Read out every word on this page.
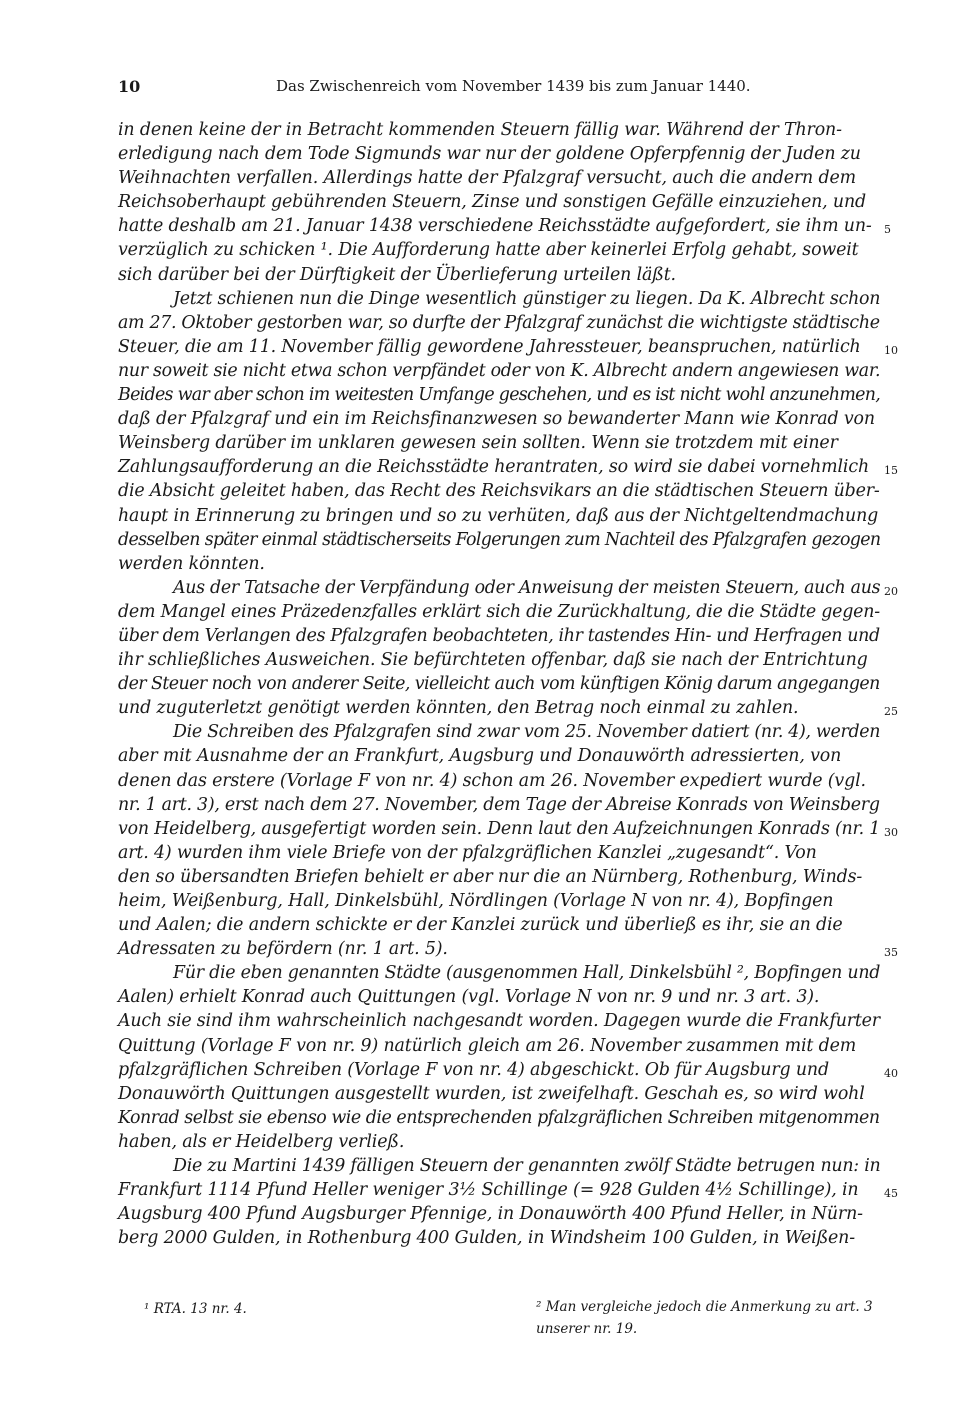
10	Das Zwischenreich vom November 1439 bis zum Januar 1440.
in denen keine der in Betracht kommenden Steuern fällig war. Während der Thron-
erledigung nach dem Tode Sigmunds war nur der goldene Opferpfennig der Juden zu
Weihnachten verfallen. Allerdings hatte der Pfalzgraf versucht, auch die andern dem
Reichsoberhaupt gebührenden Steuern, Zinse und sonstigen Gefälle einzuziehen, und
hatte deshalb am 21. Januar 1438 verschiedene Reichsstädte aufgefordert, sie ihm un-
verzüglich zu schicken ¹. Die Aufforderung hatte aber keinerlei Erfolg gehabt, soweit
sich darüber bei der Dürftigkeit der Überlieferung urteilen läßt.
Jetzt schienen nun die Dinge wesentlich günstiger zu liegen. Da K. Albrecht schon
am 27. Oktober gestorben war, so durfte der Pfalzgraf zunächst die wichtigste städtische
Steuer, die am 11. November fällig gewordene Jahressteuer, beanspruchen, natürlich
nur soweit sie nicht etwa schon verpfändet oder von K. Albrecht andern angewiesen war.
Beides war aber schon im weitesten Umfange geschehen, und es ist nicht wohl anzunehmen,
daß der Pfalzgraf und ein im Reichsfinanzwesen so bewanderter Mann wie Konrad von
Weinsberg darüber im unklaren gewesen sein sollten. Wenn sie trotzdem mit einer
Zahlungsaufforderung an die Reichsstädte herantraten, so wird sie dabei vornehmlich
die Absicht geleitet haben, das Recht des Reichsvikars an die städtischen Steuern über-
haupt in Erinnerung zu bringen und so zu verhüten, daß aus der Nichtgeltendmachung
desselben später einmal städtischerseits Folgerungen zum Nachteil des Pfalzgrafen gezogen
werden könnten.
Aus der Tatsache der Verpfändung oder Anweisung der meisten Steuern, auch aus
dem Mangel eines Präzedenzfalles erklärt sich die Zurückhaltung, die die Städte gegen-
über dem Verlangen des Pfalzgrafen beobachteten, ihr tastendes Hin- und Herfragen und
ihr schließliches Ausweichen. Sie befürchteten offenbar, daß sie nach der Entrichtung
der Steuer noch von anderer Seite, vielleicht auch vom künftigen König darum angegangen
und zuguterletzt genötigt werden könnten, den Betrag noch einmal zu zahlen.
Die Schreiben des Pfalzgrafen sind zwar vom 25. November datiert (nr. 4), werden
aber mit Ausnahme der an Frankfurt, Augsburg und Donauwörth adressierten, von
denen das erstere (Vorlage F von nr. 4) schon am 26. November expediert wurde (vgl.
nr. 1 art. 3), erst nach dem 27. November, dem Tage der Abreise Konrads von Weinsberg
von Heidelberg, ausgefertigt worden sein. Denn laut den Aufzeichnungen Konrads (nr. 1
art. 4) wurden ihm viele Briefe von der pfalzgräflichen Kanzlei „zugesandt“. Von
den so übersandten Briefen behielt er aber nur die an Nürnberg, Rothenburg, Winds-
heim, Weißenburg, Hall, Dinkelsbühl, Nördlingen (Vorlage N von nr. 4), Bopfingen
und Aalen; die andern schickte er der Kanzlei zurück und überließ es ihr, sie an die
Adressaten zu befördern (nr. 1 art. 5).
Für die eben genannten Städte (ausgenommen Hall, Dinkelsbühl ², Bopfingen und
Aalen) erhielt Konrad auch Quittungen (vgl. Vorlage N von nr. 9 und nr. 3 art. 3).
Auch sie sind ihm wahrscheinlich nachgesandt worden. Dagegen wurde die Frankfurter
Quittung (Vorlage F von nr. 9) natürlich gleich am 26. November zusammen mit dem
pfalzgräflichen Schreiben (Vorlage F von nr. 4) abgeschickt. Ob für Augsburg und
Donauwörth Quittungen ausgestellt wurden, ist zweifelhaft. Geschah es, so wird wohl
Konrad selbst sie ebenso wie die entsprechenden pfalzgräflichen Schreiben mitgenommen
haben, als er Heidelberg verließ.
Die zu Martini 1439 fälligen Steuern der genannten zwölf Städte betrugen nun: in
Frankfurt 1114 Pfund Heller weniger 3½ Schillinge (= 928 Gulden 4½ Schillinge), in
Augsburg 400 Pfund Augsburger Pfennige, in Donauwörth 400 Pfund Heller, in Nürn-
berg 2000 Gulden, in Rothenburg 400 Gulden, in Windsheim 100 Gulden, in Weißen-
5
10
15
20
25
30
35
40
45
¹ RTA. 13 nr. 4.	² Man vergleiche jedoch die Anmerkung zu art. 3
unserer nr. 19.
